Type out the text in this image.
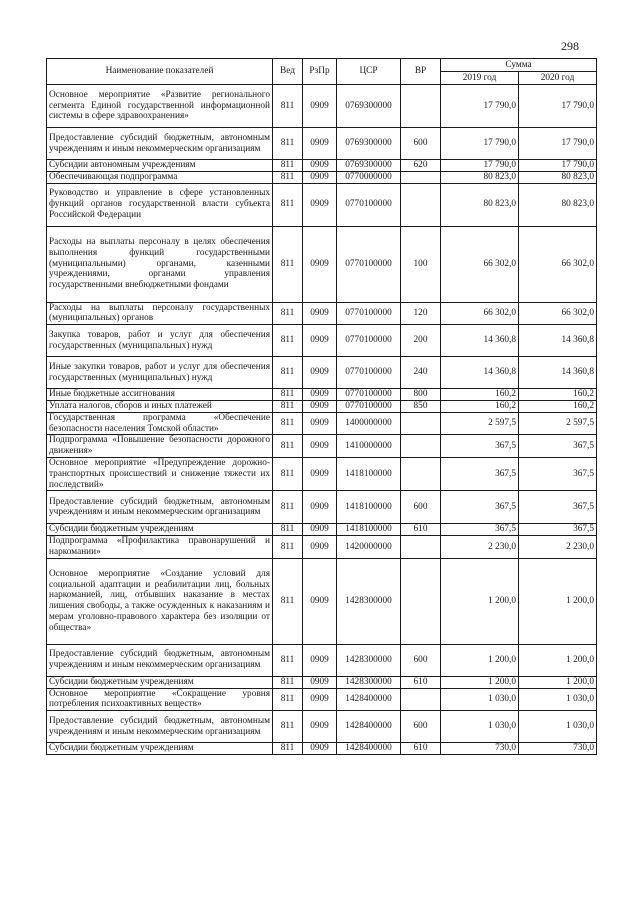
298
Наименование показателей	Вед	РзПр	ЦСР	ВР	Сумма	
					2019 год	2020 год
Основное мероприятие «Развитие регионального сегмента Единой государственной информационной системы в сфере здравоохранения»	811	0909	0769300000		17 790,0	17 790,0
Предоставление субсидий бюджетным, автономным учреждениям и иным некоммерческим организациям	811	0909	0769300000	600	17 790,0	17 790,0
Субсидии автономным учреждениям	811	0909	0769300000	620	17 790,0	17 790,0
Обеспечивающая подпрограмма	811	0909	0770000000		80 823,0	80 823,0
Руководство и управление в сфере установленных функций органов государственной власти субъекта Российской Федерации	811	0909	0770100000		80 823,0	80 823,0
Расходы на выплаты персоналу в целях обеспечения выполнения функций государственными (муниципальными) органами, казенными учреждениями, органами управления государственными внебюджетными фондами	811	0909	0770100000	100	66 302,0	66 302,0
Расходы на выплаты персоналу государственных (муниципальных) органов	811	0909	0770100000	120	66 302,0	66 302,0
Закупка товаров, работ и услуг для обеспечения государственных (муниципальных) нужд	811	0909	0770100000	200	14 360,8	14 360,8
Иные закупки товаров, работ и услуг для обеспечения государственных (муниципальных) нужд	811	0909	0770100000	240	14 360,8	14 360,8
Иные бюджетные ассигнования	811	0909	0770100000	800	160,2	160,2
Уплата налогов, сборов и иных платежей	811	0909	0770100000	850	160,2	160,2
Государственная программа «Обеспечение безопасности населения Томской области»	811	0909	1400000000		2 597,5	2 597,5
Подпрограмма «Повышение безопасности дорожного движения»	811	0909	1410000000		367,5	367,5
Основное мероприятие «Предупреждение дорожно-транспортных происшествий и снижение тяжести их последствий»	811	0909	1418100000		367,5	367,5
Предоставление субсидий бюджетным, автономным учреждениям и иным некоммерческим организациям	811	0909	1418100000	600	367,5	367,5
Субсидии бюджетным учреждениям	811	0909	1418100000	610	367,5	367,5
Подпрограмма «Профилактика правонарушений и наркомании»	811	0909	1420000000		2 230,0	2 230,0
Основное мероприятие «Создание условий для социальной адаптации и реабилитации лиц, больных наркоманией, лиц, отбывших наказание в местах лишения свободы, а также осужденных к наказаниям и мерам уголовно-правового характера без изоляции от общества»	811	0909	1428300000		1 200,0	1 200,0
Предоставление субсидий бюджетным, автономным учреждениям и иным некоммерческим организациям	811	0909	1428300000	600	1 200,0	1 200,0
Субсидии бюджетным учреждениям	811	0909	1428300000	610	1 200,0	1 200,0
Основное мероприятие «Сокращение уровня потребления психоактивных веществ»	811	0909	1428400000		1 030,0	1 030,0
Предоставление субсидий бюджетным, автономным учреждениям и иным некоммерческим организациям	811	0909	1428400000	600	1 030,0	1 030,0
Субсидии бюджетным учреждениям	811	0909	1428400000	610	730,0	730,0
